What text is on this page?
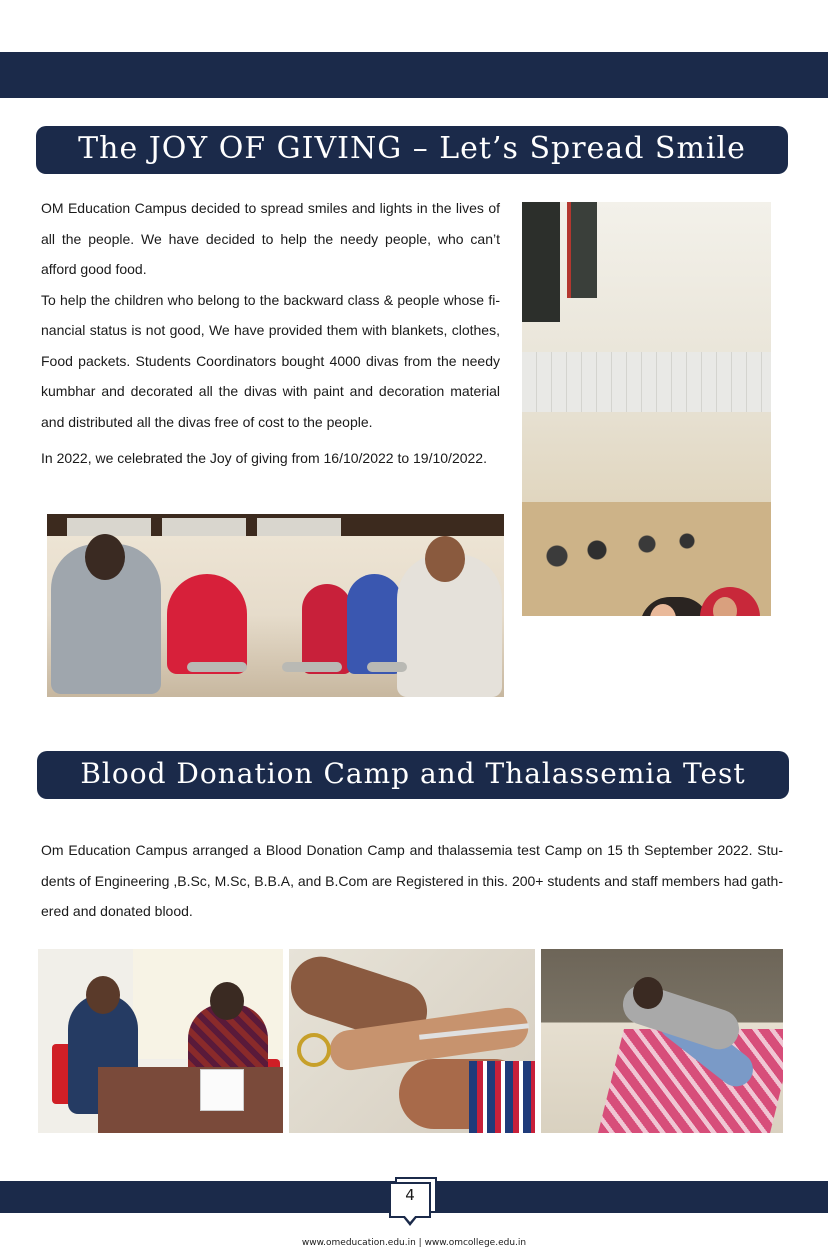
The JOY OF GIVING – Let’s Spread Smile

OM Education Campus decided to spread smiles and lights in the lives of all the people. We have decided to help the needy people, who can’t afford good food.

To help the children who belong to the backward class & people whose fi-nancial status is not good, We have provided them with blankets, clothes, Food packets. Students Coordinators bought 4000 divas from the needy kumbhar and decorated all the divas with paint and decoration material and distributed all the divas free of cost to the people.

In 2022, we celebrated the Joy of giving from 16/10/2022 to 19/10/2022.

Blood Donation Camp and Thalassemia Test Camp

Om Education Campus arranged a Blood Donation Camp and thalassemia test Camp on 15 th September 2022. Stu-dents of Engineering ,B.Sc, M.Sc, B.B.A, and B.Com are Registered in this. 200+ students and staff members had gath-ered and donated blood.

4
www.omeducation.edu.in | www.omcollege.edu.in
